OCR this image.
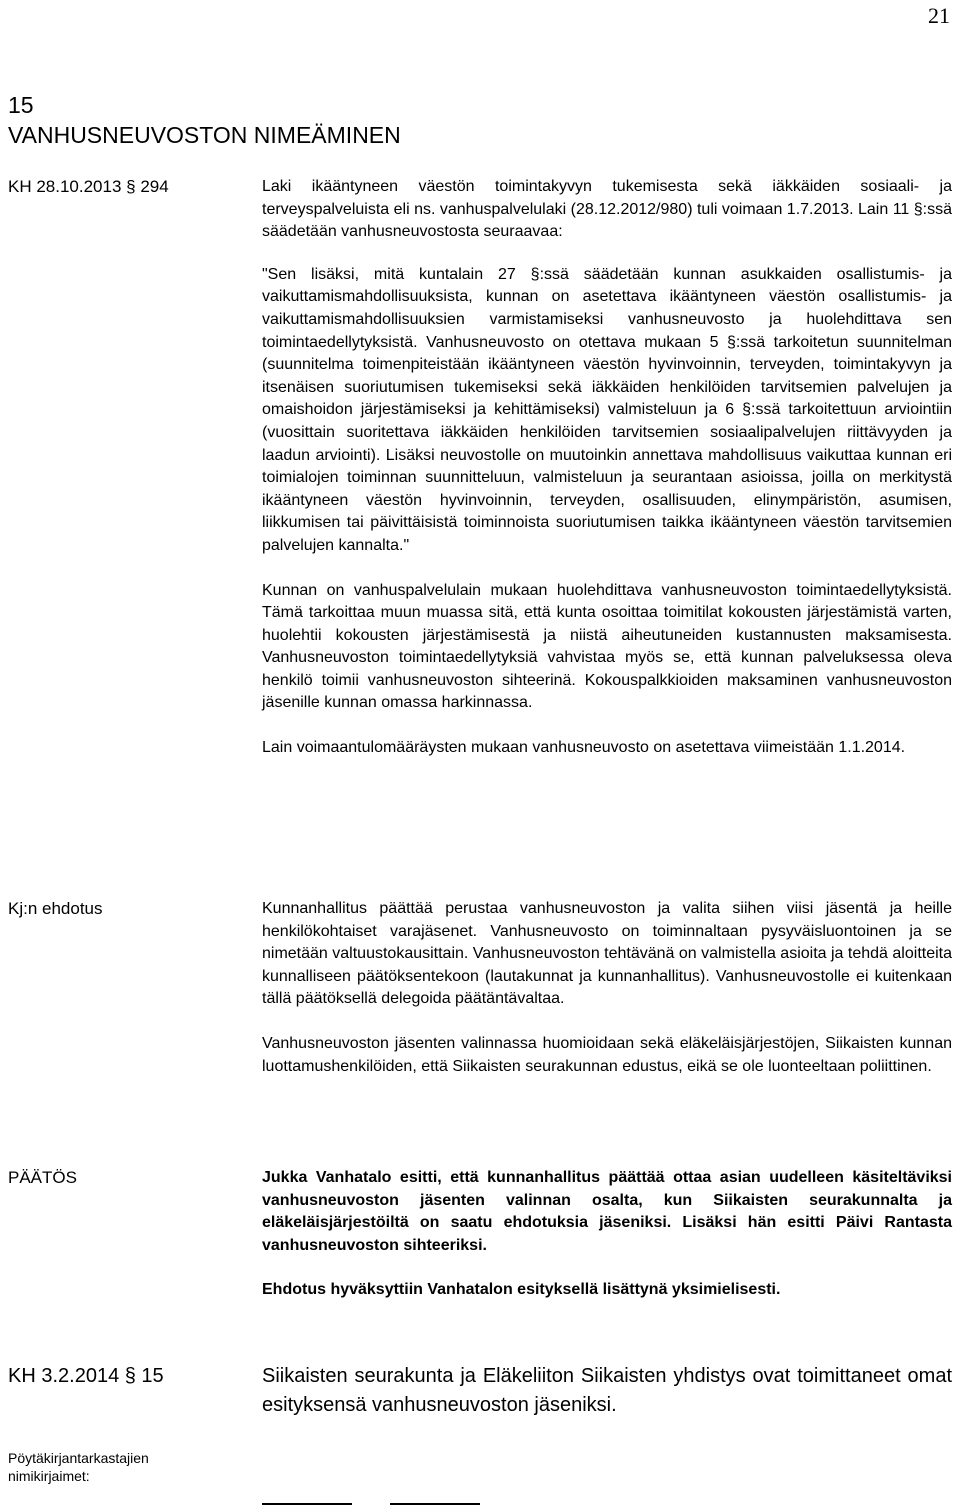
21
15
VANHUSNEUVOSTON NIMEÄMINEN
KH 28.10.2013 § 294	Laki ikääntyneen väestön toimintakyvyn tukemisesta sekä iäkkäiden sosiaali- ja terveyspalveluista eli ns. vanhuspalvelulaki (28.12.2012/980) tuli voimaan 1.7.2013. Lain 11 §:ssä säädetään vanhusneuvostosta seuraavaa:

"Sen lisäksi, mitä kuntalain 27 §:ssä säädetään kunnan asukkaiden osallistumis- ja vaikuttamismahdollisuuksista, kunnan on asetettava ikääntyneen väestön osallistumis- ja vaikuttamismahdollisuuksien varmistamiseksi vanhusneuvosto ja huolehdittava sen toimintaedellytyksistä. Vanhusneuvosto on otettava mukaan 5 §:ssä tarkoitetun suunnitelman (suunnitelma toimenpiteistään ikääntyneen väestön hyvinvoinnin, terveyden, toimintakyvyn ja itsenäisen suoriutumisen tukemiseksi sekä iäkkäiden henkilöiden tarvitsemien palvelujen ja omaishoidon järjestämiseksi ja kehittämiseksi) valmisteluun ja 6 §:ssä tarkoitettuun arviointiin (vuosittain suoritettava iäkkäiden henkilöiden tarvitsemien sosiaalipalvelujen riittävyyden ja laadun arviointi). Lisäksi neuvostolle on muutoinkin annettava mahdollisuus vaikuttaa kunnan eri toimialojen toiminnan suunnitteluun, valmisteluun ja seurantaan asioissa, joilla on merkitystä ikääntyneen väestön hyvinvoinnin, terveyden, osallisuuden, elinympäristön, asumisen, liikkumisen tai päivittäisistä toiminnoista suoriutumisen taikka ikääntyneen väestön tarvitsemien palvelujen kannalta."

Kunnan on vanhuspalvelulain mukaan huolehdittava vanhusneuvoston toimintaedellytyksistä. Tämä tarkoittaa muun muassa sitä, että kunta osoittaa toimitilat kokousten järjestämistä varten, huolehtii kokousten järjestämisestä ja niistä aiheutuneiden kustannusten maksamisesta. Vanhusneuvoston toimintaedellytyksiä vahvistaa myös se, että kunnan palveluksessa oleva henkilö toimii vanhusneuvoston sihteerinä. Kokouspalkkioiden maksaminen vanhusneuvoston jäsenille kunnan omassa harkinnassa.

Lain voimaantulomääräysten mukaan vanhusneuvosto on asetettava viimeistään 1.1.2014.

Kj:n ehdotus	Kunnanhallitus päättää perustaa vanhusneuvoston ja valita siihen viisi jäsentä ja heille henkilökohtaiset varajäsenet. Vanhusneuvosto on toiminnaltaan pysyväisluontoinen ja se nimetään valtuustokausittain. Vanhusneuvoston tehtävänä on valmistella asioita ja tehdä aloitteita kunnalliseen päätöksentekoon (lautakunnat ja kunnanhallitus). Vanhusneuvostolle ei kuitenkaan tällä päätöksellä delegoida päätäntävaltaa.

Vanhusneuvoston jäsenten valinnassa huomioidaan sekä eläkeläisjärjestöjen, Siikaisten kunnan luottamushenkilöiden, että Siikaisten seurakunnan edustus, eikä se ole luonteeltaan poliittinen.

PÄÄTÖS	Jukka Vanhatalo esitti, että kunnanhallitus päättää ottaa asian uudelleen käsiteltäviksi vanhusneuvoston jäsenten valinnan osalta, kun Siikaisten seurakunnalta ja eläkeläisjärjestöiltä on saatu ehdotuksia jäseniksi. Lisäksi hän esitti Päivi Rantasta vanhusneuvoston sihteeriksi.

Ehdotus hyväksyttiin Vanhatalon esityksellä lisättynä yksimielisesti.

KH 3.2.2014 § 15	Siikaisten seurakunta ja Eläkeliiton Siikaisten yhdistys ovat toimittaneet omat esityksensä vanhusneuvoston jäseniksi.
Pöytäkirjantarkastajien
nimikirjaimet:
